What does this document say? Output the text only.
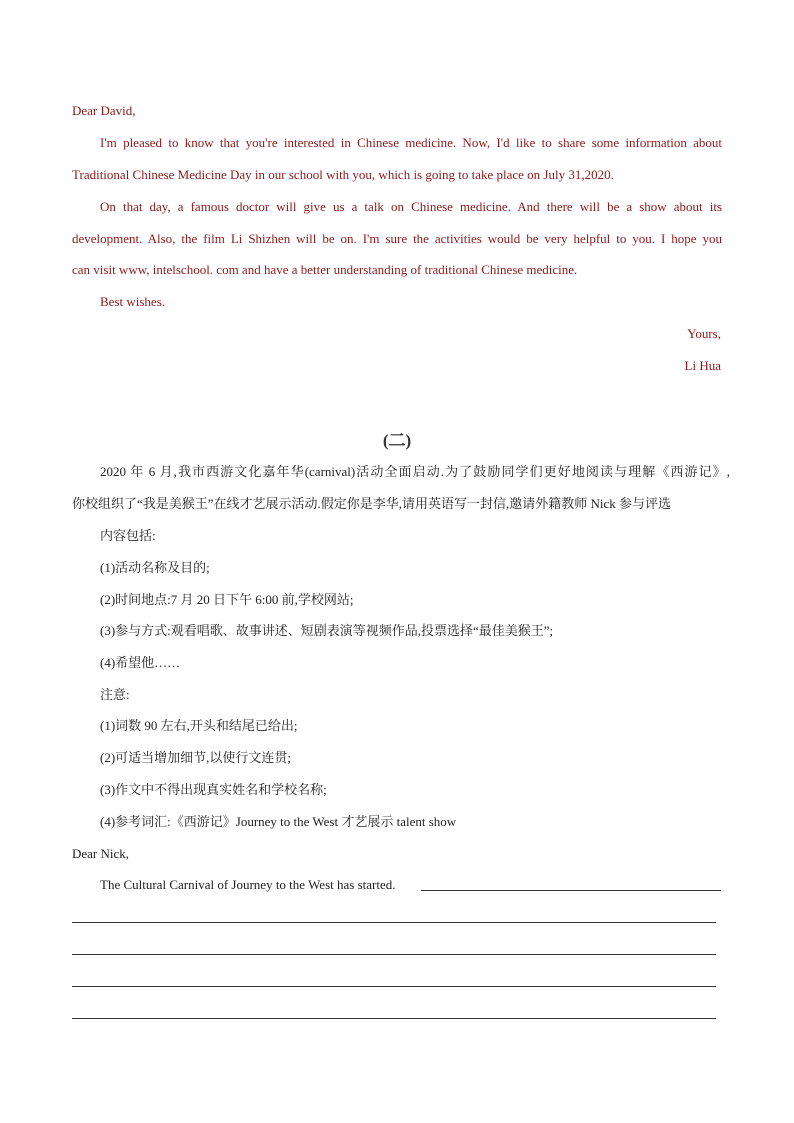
Dear David,
I'm pleased to know that you're interested in Chinese medicine. Now, I'd like to share some information about
Traditional Chinese Medicine Day in our school with you, which is going to take place on July 31,2020.
On that day, a famous doctor will give us a talk on Chinese medicine. And there will be a show about its
development. Also, the film Li Shizhen will be on. I'm sure the activities would be very helpful to you. I hope you
can visit www, intelschool. com and have a better understanding of traditional Chinese medicine.
Best wishes.
Yours,
Li Hua
(二)
2020 年 6 月,我市西游文化嘉年华(carnival)活动全面启动.为了鼓励同学们更好地阅读与理解《西游记》,
你校组织了“我是美猴王”在线才艺展示活动.假定你是李华,请用英语写一封信,邀请外籍教师 Nick 参与评选
内容包括:
(1)活动名称及目的;
(2)时间地点:7 月 20 日下午 6:00 前,学校网站;
(3)参与方式:观看唱歌、故事讲述、短剧表演等视频作品,投票选择“最佳美猴王”;
(4)希望他……
注意:
(1)词数 90 左右,开头和结尾已给出;
(2)可适当增加细节,以使行文连贯;
(3)作文中不得出现真实姓名和学校名称;
(4)参考词汇:《西游记》Journey to the West 才艺展示 talent show
Dear Nick,
The Cultural Carnival of Journey to the West has started.
